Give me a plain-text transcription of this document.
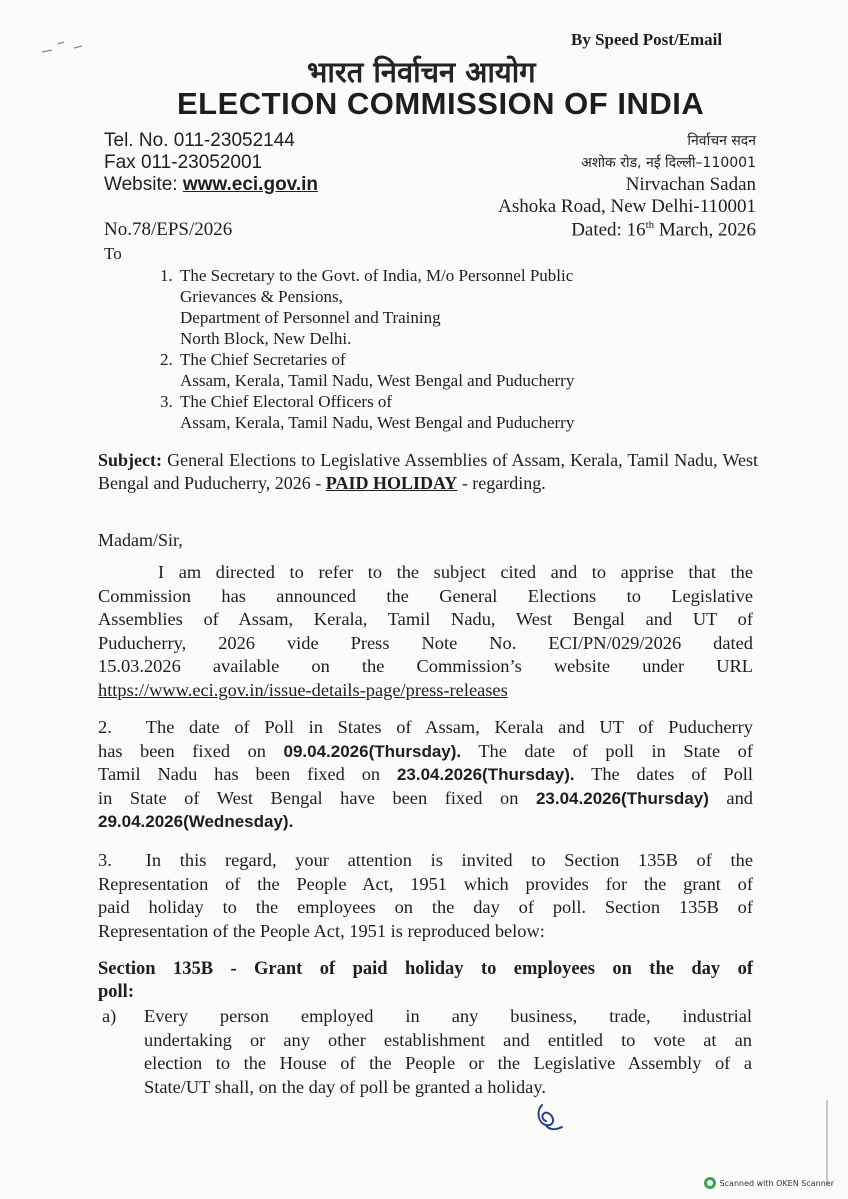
By Speed Post/Email
भारत निर्वाचन आयोग
ELECTION COMMISSION OF INDIA
Tel. No. 011-23052144
Fax 011-23052001
Website: www.eci.gov.in
निर्वाचन सदन
अशोक रोड, नई दिल्ली–110001
Nirvachan Sadan
Ashoka Road, New Delhi-110001
No.78/EPS/2026	Dated: 16th March, 2026
To
1. The Secretary to the Govt. of India, M/o Personnel Public
Grievances & Pensions,
Department of Personnel and Training
North Block, New Delhi.
2. The Chief Secretaries of
Assam, Kerala, Tamil Nadu, West Bengal and Puducherry
3. The Chief Electoral Officers of
Assam, Kerala, Tamil Nadu, West Bengal and Puducherry
Subject: General Elections to Legislative Assemblies of Assam, Kerala, Tamil Nadu, West Bengal and Puducherry, 2026 - PAID HOLIDAY - regarding.
Madam/Sir,
I am directed to refer to the subject cited and to apprise that the
Commission has announced the General Elections to Legislative
Assemblies of Assam, Kerala, Tamil Nadu, West Bengal and UT of
Puducherry, 2026 vide Press Note No. ECI/PN/029/2026 dated
15.03.2026 available on the Commission’s website under URL
https://www.eci.gov.in/issue-details-page/press-releases
2. The date of Poll in States of Assam, Kerala and UT of Puducherry
has been fixed on 09.04.2026(Thursday). The date of poll in State of
Tamil Nadu has been fixed on 23.04.2026(Thursday). The dates of Poll
in State of West Bengal have been fixed on 23.04.2026(Thursday) and
29.04.2026(Wednesday).
3. In this regard, your attention is invited to Section 135B of the
Representation of the People Act, 1951 which provides for the grant of
paid holiday to the employees on the day of poll. Section 135B of
Representation of the People Act, 1951 is reproduced below:
Section 135B - Grant of paid holiday to employees on the day of
poll:
a) Every person employed in any business, trade, industrial
undertaking or any other establishment and entitled to vote at an
election to the House of the People or the Legislative Assembly of a
State/UT shall, on the day of poll be granted a holiday.
Scanned with OKEN Scanner
